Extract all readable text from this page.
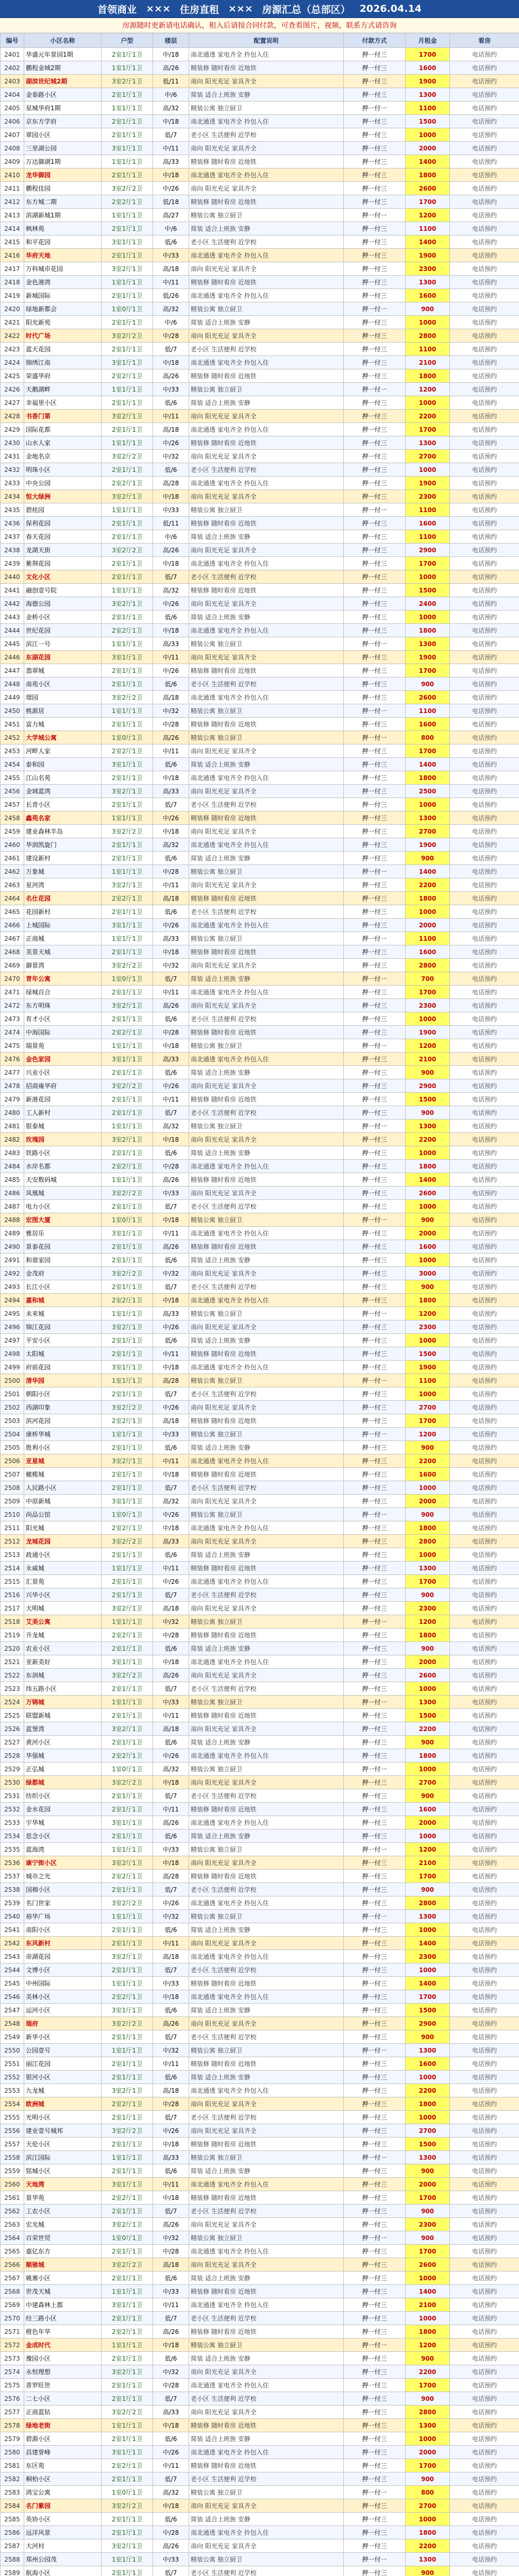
首领商业 ××× 住房直租 ××× 房源汇总（总部区） 2026.04.14
房源随时更新请电话确认，租入后请按合同付款，可查看图片，视频，联系方式请咨询
编号	小区名称	户型	楼层	配置说明	付款方式	月租金	看房
2401	华盛元年景园1期	2室1厅1卫	中/18	南北通透 家电齐全 拎包入住	押一付三	1700	电话预约
2402	鹏程金域2期	1室1厅1卫	高/26	精装修 随时看房 近地铁	押一付三	1600	电话预约
2403	湖滨世纪城2期	3室2厅1卫	低/11	南向 阳光充足 家具齐全	押一付三	1900	电话预约
2404	金泰路小区	2室1厅1卫	中/6	简装 适合上班族 安静	押一付三	1300	电话预约
2405	星城华府1期	1室1厅1卫	高/32	精装公寓 独立厨卫	押一付一	1100	电话预约
2406	京东方学府	2室1厅1卫	中/18	南北通透 家电齐全 拎包入住	押一付三	1500	电话预约
2407	翠园小区	2室1厅1卫	低/7	老小区 生活便利 近学校	押一付三	1000	电话预约
2408	三里湖公园	3室1厅1卫	中/11	南向 阳光充足 家具齐全	押一付三	2000	电话预约
2409	万达御湖1期	1室1厅1卫	高/33	精装修 随时看房 近地铁	押一付三	1400	电话预约
2410	龙华御园	2室1厅1卫	中/18	南北通透 家电齐全 拎包入住	押一付三	1800	电话预约
2411	鹏程佳园	3室2厅2卫	中/26	南向 阳光充足 家具齐全	押一付三	2600	电话预约
2412	东方城二期	2室2厅1卫	低/18	精装修 随时看房 近地铁	押一付三	1700	电话预约
2413	滨湖新城1期	1室1厅1卫	高/27	精装公寓 独立厨卫	押一付一	1200	电话预约
2414	枫林苑	2室1厅1卫	中/6	简装 适合上班族 安静	押一付三	1100	电话预约
2415	和平花园	3室1厅1卫	低/6	老小区 生活便利 近学校	押一付三	1400	电话预约
2416	华府天地	2室1厅1卫	中/33	南北通透 家电齐全 拎包入住	押一付三	1900	电话预约
2417	万科城市花园	3室2厅1卫	高/18	南向 阳光充足 家具齐全	押一付三	2300	电话预约
2418	金色港湾	1室1厅1卫	中/11	精装修 随时看房 近地铁	押一付三	1300	电话预约
2419	新城国际	2室1厅1卫	低/26	南北通透 家电齐全 拎包入住	押一付三	1600	电话预约
2420	绿地新都会	1室0厅1卫	高/32	精装公寓 独立厨卫	押一付一	900	电话预约
2421	阳光新苑	2室1厅1卫	中/6	简装 适合上班族 安静	押一付三	1000	电话预约
2422	时代广场	3室2厅2卫	中/28	南向 阳光充足 家具齐全	押一付三	2800	电话预约
2423	蓝天花园	2室1厅1卫	低/7	老小区 生活便利 近学校	押一付三	1100	电话预约
2424	锦绣江南	3室1厅1卫	中/18	南北通透 家电齐全 拎包入住	押一付三	2100	电话预约
2425	荣盛华府	2室2厅1卫	高/26	精装修 随时看房 近地铁	押一付三	1800	电话预约
2426	天鹅湖畔	1室1厅1卫	中/33	精装公寓 独立厨卫	押一付一	1200	电话预约
2427	幸福里小区	2室1厅1卫	低/6	简装 适合上班族 安静	押一付三	1000	电话预约
2428	书香门第	3室2厅1卫	中/11	南向 阳光充足 家具齐全	押一付三	2200	电话预约
2429	国际花都	2室1厅1卫	高/18	南北通透 家电齐全 拎包入住	押一付三	1700	电话预约
2430	山水人家	1室1厅1卫	中/26	精装修 随时看房 近地铁	押一付三	1300	电话预约
2431	金地名京	3室2厅2卫	中/32	南向 阳光充足 家具齐全	押一付三	2700	电话预约
2432	明珠小区	2室1厅1卫	低/6	老小区 生活便利 近学校	押一付三	1000	电话预约
2433	中央公园	2室2厅1卫	高/28	南北通透 家电齐全 拎包入住	押一付三	1900	电话预约
2434	恒大绿洲	3室2厅1卫	中/18	南向 阳光充足 家具齐全	押一付三	2300	电话预约
2435	碧桂园	1室1厅1卫	中/33	精装公寓 独立厨卫	押一付一	1100	电话预约
2436	保利花园	2室1厅1卫	低/11	精装修 随时看房 近地铁	押一付三	1600	电话预约
2437	春天花园	2室1厅1卫	中/6	简装 适合上班族 安静	押一付三	1100	电话预约
2438	龙湖天街	3室2厅2卫	高/26	南向 阳光充足 家具齐全	押一付三	2900	电话预约
2439	紫荆花园	2室1厅1卫	中/18	南北通透 家电齐全 拎包入住	押一付三	1700	电话预约
2440	文化小区	2室1厅1卫	低/7	老小区 生活便利 近学校	押一付三	1000	电话预约
2441	融创壹号院	1室1厅1卫	高/32	精装修 随时看房 近地铁	押一付三	1500	电话预约
2442	海德公园	3室2厅1卫	中/26	南向 阳光充足 家具齐全	押一付三	2400	电话预约
2443	金桥小区	2室1厅1卫	低/6	简装 适合上班族 安静	押一付三	1000	电话预约
2444	世纪花园	2室2厅1卫	中/18	南北通透 家电齐全 拎包入住	押一付三	1800	电话预约
2445	滨江一号	1室1厅1卫	高/33	精装公寓 独立厨卫	押一付一	1300	电话预约
2446	东湖花园	3室1厅1卫	中/11	南向 阳光充足 家具齐全	押一付三	1900	电话预约
2447	翡翠城	2室1厅1卫	中/26	精装修 随时看房 近地铁	押一付三	1700	电话预约
2448	南苑小区	2室1厅1卫	低/6	老小区 生活便利 近学校	押一付三	900	电话预约
2449	璟园	3室2厅2卫	高/18	南北通透 家电齐全 拎包入住	押一付三	2600	电话预约
2450	桃源居	1室1厅1卫	中/32	精装公寓 独立厨卫	押一付一	1100	电话预约
2451	富力城	2室1厅1卫	中/28	精装修 随时看房 近地铁	押一付三	1600	电话预约
2452	大学城公寓	1室0厅1卫	高/26	精装公寓 独立厨卫	押一付一	800	电话预约
2453	河畔人家	2室2厅1卫	中/11	南向 阳光充足 家具齐全	押一付三	1700	电话预约
2454	泰和园	3室1厅1卫	低/6	简装 适合上班族 安静	押一付三	1400	电话预约
2455	江山名苑	2室1厅1卫	中/18	南北通透 家电齐全 拎包入住	押一付三	1800	电话预约
2456	金域蓝湾	3室2厅1卫	高/33	南向 阳光充足 家具齐全	押一付三	2500	电话预约
2457	长青小区	2室1厅1卫	低/7	老小区 生活便利 近学校	押一付三	1000	电话预约
2458	鑫苑名家	1室1厅1卫	中/26	精装修 随时看房 近地铁	押一付三	1300	电话预约
2459	建业森林半岛	3室2厅2卫	中/18	南向 阳光充足 家具齐全	押一付三	2700	电话预约
2460	华润凯旋门	2室1厅1卫	高/32	南北通透 家电齐全 拎包入住	押一付三	1900	电话预约
2461	建设新村	2室1厅1卫	低/6	简装 适合上班族 安静	押一付三	900	电话预约
2462	万象城	1室1厅1卫	中/28	精装公寓 独立厨卫	押一付一	1400	电话预约
2463	星河湾	3室2厅1卫	中/11	南向 阳光充足 家具齐全	押一付三	2200	电话预约
2464	名仕花园	2室2厅1卫	高/18	精装修 随时看房 近地铁	押一付三	1800	电话预约
2465	花园新村	2室1厅1卫	低/6	老小区 生活便利 近学校	押一付三	1000	电话预约
2466	上城国际	3室1厅1卫	中/26	南北通透 家电齐全 拎包入住	押一付三	2000	电话预约
2467	正商城	1室1厅1卫	高/33	精装公寓 独立厨卫	押一付一	1100	电话预约
2468	美景天城	2室1厅1卫	中/18	精装修 随时看房 近地铁	押一付三	1600	电话预约
2469	御景湾	3室2厅2卫	中/32	南向 阳光充足 家具齐全	押一付三	2800	电话预约
2470	青年公寓	1室0厅1卫	低/7	简装 适合上班族 安静	押一付一	700	电话预约
2471	绿城百合	2室1厅1卫	中/11	南北通透 家电齐全 拎包入住	押一付三	1700	电话预约
2472	东方明珠	3室2厅1卫	高/26	南向 阳光充足 家具齐全	押一付三	2300	电话预约
2473	育才小区	2室1厅1卫	低/6	老小区 生活便利 近学校	押一付三	1000	电话预约
2474	中海国际	2室2厅1卫	中/28	精装修 随时看房 近地铁	押一付三	1900	电话预约
2475	瑞景苑	1室1厅1卫	中/18	精装公寓 独立厨卫	押一付一	1200	电话预约
2476	金色家园	3室1厅1卫	高/33	南北通透 家电齐全 拎包入住	押一付三	2100	电话预约
2477	兴业小区	2室1厅1卫	低/6	简装 适合上班族 安静	押一付三	900	电话预约
2478	招商雍华府	3室2厅2卫	中/26	南向 阳光充足 家具齐全	押一付三	2900	电话预约
2479	新港花园	2室1厅1卫	中/11	精装修 随时看房 近地铁	押一付三	1500	电话预约
2480	工人新村	2室1厅1卫	低/7	老小区 生活便利 近学校	押一付三	900	电话预约
2481	银泰城	1室1厅1卫	高/32	精装公寓 独立厨卫	押一付一	1300	电话预约
2482	玫瑰园	3室2厅1卫	中/18	南向 阳光充足 家具齐全	押一付三	2200	电话预约
2483	铁路小区	2室1厅1卫	低/6	简装 适合上班族 安静	押一付三	1000	电话预约
2484	水岸名都	2室2厅1卫	中/28	南北通透 家电齐全 拎包入住	押一付三	1800	电话预约
2485	天安数码城	1室1厅1卫	高/26	精装修 随时看房 近地铁	押一付三	1400	电话预约
2486	凤凰城	3室2厅2卫	中/33	南向 阳光充足 家具齐全	押一付三	2600	电话预约
2487	电力小区	2室1厅1卫	低/7	老小区 生活便利 近学校	押一付三	1000	电话预约
2488	宏图大厦	1室0厅1卫	中/18	精装公寓 独立厨卫	押一付一	900	电话预约
2489	雅居乐	3室1厅1卫	中/11	南北通透 家电齐全 拎包入住	押一付三	2000	电话预约
2490	景泰花园	2室1厅1卫	高/26	精装修 随时看房 近地铁	押一付三	1600	电话预约
2491	和谐家园	2室1厅1卫	低/6	简装 适合上班族 安静	押一付三	1000	电话预约
2492	金茂府	3室2厅2卫	中/32	南向 阳光充足 家具齐全	押一付三	3000	电话预约
2493	长江小区	2室1厅1卫	低/7	老小区 生活便利 近学校	押一付三	900	电话预约
2494	嘉和城	2室2厅1卫	中/18	南北通透 家电齐全 拎包入住	押一付三	1800	电话预约
2495	未来城	1室1厅1卫	高/33	精装公寓 独立厨卫	押一付一	1200	电话预约
2496	锦江花园	3室2厅1卫	中/26	南向 阳光充足 家具齐全	押一付三	2300	电话预约
2497	平安小区	2室1厅1卫	低/6	简装 适合上班族 安静	押一付三	1000	电话预约
2498	太阳城	2室1厅1卫	中/11	精装修 随时看房 近地铁	押一付三	1500	电话预约
2499	府前花园	3室1厅1卫	中/18	南北通透 家电齐全 拎包入住	押一付三	1900	电话预约
2500	清华园	1室1厅1卫	高/28	精装公寓 独立厨卫	押一付一	1100	电话预约
2501	朝阳小区	2室1厅1卫	低/7	老小区 生活便利 近学校	押一付三	1000	电话预约
2502	西湖印象	3室2厅2卫	中/26	南向 阳光充足 家具齐全	押一付三	2700	电话预约
2503	滨河花园	2室2厅1卫	高/18	精装修 随时看房 近地铁	押一付三	1700	电话预约
2504	康桥华城	1室1厅1卫	中/33	精装公寓 独立厨卫	押一付一	1200	电话预约
2505	胜利小区	2室1厅1卫	低/6	简装 适合上班族 安静	押一付三	900	电话预约
2506	亚星城	3室2厅1卫	中/11	南北通透 家电齐全 拎包入住	押一付三	2200	电话预约
2507	橄榄城	2室1厅1卫	中/18	精装修 随时看房 近地铁	押一付三	1600	电话预约
2508	人民路小区	2室1厅1卫	低/7	老小区 生活便利 近学校	押一付三	1000	电话预约
2509	中原新城	3室1厅1卫	高/32	南向 阳光充足 家具齐全	押一付三	2000	电话预约
2510	尚品公馆	1室0厅1卫	中/26	精装公寓 独立厨卫	押一付一	900	电话预约
2511	阳光城	2室2厅1卫	中/18	南北通透 家电齐全 拎包入住	押一付三	1800	电话预约
2512	龙城花园	3室2厅2卫	高/33	南向 阳光充足 家具齐全	押一付三	2800	电话预约
2513	政通小区	2室1厅1卫	低/6	简装 适合上班族 安静	押一付三	1000	电话预约
2514	永威城	1室1厅1卫	中/11	精装修 随时看房 近地铁	押一付三	1300	电话预约
2515	汇景苑	2室1厅1卫	中/26	南北通透 家电齐全 拎包入住	押一付三	1700	电话预约
2516	兴华小区	2室1厅1卫	低/7	老小区 生活便利 近学校	押一付三	900	电话预约
2517	天明城	3室2厅1卫	高/18	南向 阳光充足 家具齐全	押一付三	2300	电话预约
2518	艾美公寓	1室1厅1卫	中/32	精装公寓 独立厨卫	押一付一	1200	电话预约
2519	升龙城	2室2厅1卫	中/28	精装修 随时看房 近地铁	押一付三	1800	电话预约
2520	农业小区	2室1厅1卫	低/6	简装 适合上班族 安静	押一付三	900	电话预约
2521	亚新美好	3室1厅1卫	中/18	南北通透 家电齐全 拎包入住	押一付三	2000	电话预约
2522	东润城	3室2厅2卫	高/26	南向 阳光充足 家具齐全	押一付三	2600	电话预约
2523	纬五路小区	2室1厅1卫	低/7	老小区 生活便利 近学校	押一付三	1000	电话预约
2524	万锦城	1室1厅1卫	中/33	精装公寓 独立厨卫	押一付一	1300	电话预约
2525	联盟新城	2室1厅1卫	中/11	精装修 随时看房 近地铁	押一付三	1500	电话预约
2526	蓝堡湾	3室2厅1卫	高/18	南向 阳光充足 家具齐全	押一付三	2200	电话预约
2527	黄河小区	2室1厅1卫	低/6	简装 适合上班族 安静	押一付三	900	电话预约
2528	华强城	2室2厅1卫	中/26	南北通透 家电齐全 拎包入住	押一付三	1800	电话预约
2529	正弘城	1室0厅1卫	高/32	精装公寓 独立厨卫	押一付一	1000	电话预约
2530	绿都城	3室2厅2卫	中/18	南向 阳光充足 家具齐全	押一付三	2700	电话预约
2531	纺织小区	2室1厅1卫	低/7	老小区 生活便利 近学校	押一付三	900	电话预约
2532	金水花园	2室1厅1卫	中/11	精装修 随时看房 近地铁	押一付三	1600	电话预约
2533	宇华城	3室1厅1卫	高/26	南北通透 家电齐全 拎包入住	押一付三	2000	电话预约
2534	思念小区	2室1厅1卫	低/6	简装 适合上班族 安静	押一付三	1000	电话预约
2535	蓝海湾	1室1厅1卫	中/33	精装公寓 独立厨卫	押一付一	1200	电话预约
2536	康宁街小区	3室2厅1卫	中/18	南向 阳光充足 家具齐全	押一付三	2100	电话预约
2537	城市之光	2室2厅1卫	高/28	精装修 随时看房 近地铁	押一付三	1700	电话预约
2538	国棉小区	2室1厅1卫	低/7	老小区 生活便利 近学校	押一付三	900	电话预约
2539	名门世家	3室2厅2卫	中/26	南北通透 家电齐全 拎包入住	押一付三	2800	电话预约
2540	裕华广场	1室1厅1卫	中/32	精装公寓 独立厨卫	押一付一	1300	电话预约
2541	南阳小区	2室1厅1卫	低/6	简装 适合上班族 安静	押一付三	1000	电话预约
2542	东风新村	2室1厅1卫	中/11	南向 阳光充足 家具齐全	押一付三	1400	电话预约
2543	帝湖花园	3室2厅1卫	高/18	南北通透 家电齐全 拎包入住	押一付三	2300	电话预约
2544	文博小区	2室1厅1卫	低/7	老小区 生活便利 近学校	押一付三	1000	电话预约
2545	中州国际	1室1厅1卫	中/33	精装修 随时看房 近地铁	押一付三	1400	电话预约
2546	美林小区	2室2厅1卫	中/18	南北通透 家电齐全 拎包入住	押一付三	1700	电话预约
2547	运河小区	3室1厅1卫	低/6	简装 适合上班族 安静	押一付三	1500	电话预约
2548	瑞府	3室2厅2卫	高/26	南向 阳光充足 家具齐全	押一付三	2900	电话预约
2549	新华小区	2室1厅1卫	低/7	老小区 生活便利 近学校	押一付三	900	电话预约
2550	公园壹号	1室1厅1卫	中/32	精装公寓 独立厨卫	押一付一	1300	电话预约
2551	丽江花园	2室1厅1卫	中/11	精装修 随时看房 近地铁	押一付三	1600	电话预约
2552	银河小区	2室1厅1卫	低/6	简装 适合上班族 安静	押一付三	1000	电话预约
2553	九龙城	3室2厅1卫	高/18	南北通透 家电齐全 拎包入住	押一付三	2200	电话预约
2554	欧洲城	2室2厅1卫	中/28	南向 阳光充足 家具齐全	押一付三	1800	电话预约
2555	光明小区	2室1厅1卫	低/7	老小区 生活便利 近学校	押一付三	1000	电话预约
2556	建业壹号城邦	3室2厅2卫	中/26	南向 阳光充足 家具齐全	押一付三	2700	电话预约
2557	天伦小区	2室1厅1卫	中/18	精装修 随时看房 近地铁	押一付三	1500	电话预约
2558	滨江国际	1室1厅1卫	高/33	精装公寓 独立厨卫	押一付一	1300	电话预约
2559	铭城小区	2室1厅1卫	低/6	简装 适合上班族 安静	押一付三	900	电话预约
2560	天地湾	3室1厅1卫	中/11	南北通透 家电齐全 拎包入住	押一付三	2000	电话预约
2561	景华苑	2室2厅1卫	中/18	精装修 随时看房 近地铁	押一付三	1700	电话预约
2562	工农小区	2室1厅1卫	低/7	老小区 生活便利 近学校	押一付三	900	电话预约
2563	宏光城	3室2厅1卫	高/26	南向 阳光充足 家具齐全	押一付三	2300	电话预约
2564	百荣世贸	1室0厅1卫	中/32	精装公寓 独立厨卫	押一付一	900	电话预约
2565	嘉亿东方	2室1厅1卫	中/28	南北通透 家电齐全 拎包入住	押一付三	1700	电话预约
2566	顺驰城	3室2厅2卫	高/18	南向 阳光充足 家具齐全	押一付三	2600	电话预约
2567	姚寨小区	2室1厅1卫	低/6	简装 适合上班族 安静	押一付三	1000	电话预约
2568	世茂天城	1室1厅1卫	中/33	精装修 随时看房 近地铁	押一付三	1400	电话预约
2569	中建森林上郡	3室1厅1卫	中/11	南北通透 家电齐全 拎包入住	押一付三	2100	电话预约
2570	经三路小区	2室1厅1卫	低/7	老小区 生活便利 近学校	押一付三	1000	电话预约
2571	橙色年华	2室2厅1卫	高/26	精装修 随时看房 近地铁	押一付三	1800	电话预约
2572	金成时代	1室1厅1卫	中/18	精装公寓 独立厨卫	押一付一	1200	电话预约
2573	豫园小区	2室1厅1卫	低/6	简装 适合上班族 安静	押一付三	900	电话预约
2574	永恒理想	3室2厅1卫	中/32	南向 阳光充足 家具齐全	押一付三	2200	电话预约
2575	普罗旺世	2室1厅1卫	中/28	南北通透 家电齐全 拎包入住	押一付三	1700	电话预约
2576	二七小区	2室1厅1卫	低/7	老小区 生活便利 近学校	押一付三	900	电话预约
2577	正商蓝钻	3室2厅2卫	高/33	南向 阳光充足 家具齐全	押一付三	2800	电话预约
2578	绿地老街	1室1厅1卫	中/18	精装修 随时看房 近地铁	押一付三	1300	电话预约
2579	碧源小区	2室1厅1卫	低/6	简装 适合上班族 安静	押一付三	1000	电话预约
2580	昌建誉峰	3室1厅1卫	中/26	南北通透 家电齐全 拎包入住	押一付三	2000	电话预约
2581	东区苑	2室2厅1卫	中/11	精装修 随时看房 近地铁	押一付三	1700	电话预约
2582	桐柏小区	2室1厅1卫	低/7	老小区 生活便利 近学校	押一付三	900	电话预约
2583	鸿宝公寓	1室0厅1卫	高/32	精装公寓 独立厨卫	押一付一	800	电话预约
2584	名门紫园	3室2厅2卫	中/18	南向 阳光充足 家具齐全	押一付三	2700	电话预约
2585	英协小区	2室1厅1卫	低/6	简装 适合上班族 安静	押一付三	1000	电话预约
2586	远洋风景	2室1厅1卫	中/28	南北通透 家电齐全 拎包入住	押一付三	1800	电话预约
2587	大河村	3室2厅1卫	高/26	南向 阳光充足 家具齐全	押一付三	2200	电话预约
2588	郑州公园茂	1室1厅1卫	中/33	精装公寓 独立厨卫	押一付一	1300	电话预约
2589	航海小区	2室1厅1卫	低/7	老小区 生活便利 近学校	押一付三	900	电话预约
